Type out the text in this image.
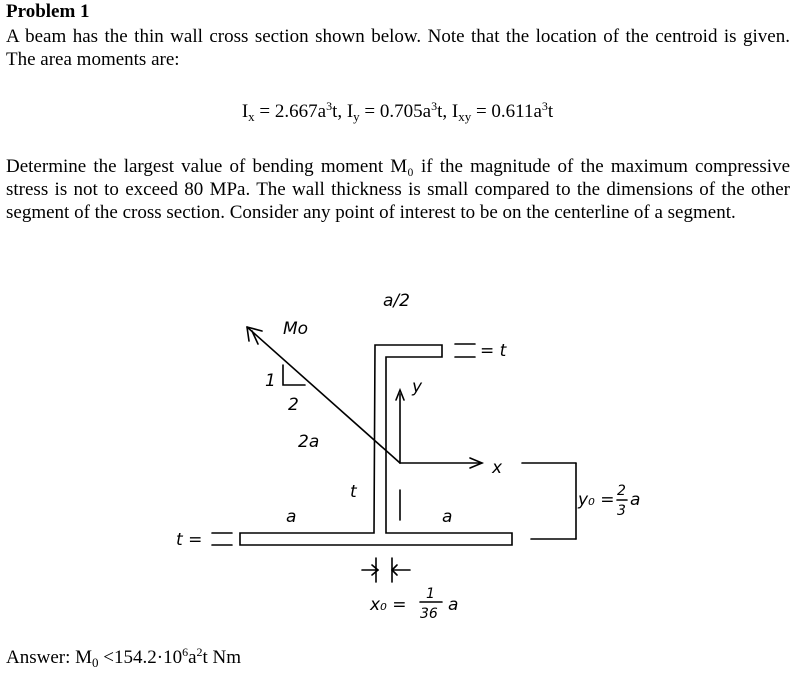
Problem 1

A beam has the thin wall cross section shown below. Note that the location of the centroid is given. The area moments are:

$I_x = 2.667a^3t$, $I_y = 0.705a^3t$, $I_{xy} = 0.611a^3t$

Determine the largest value of bending moment M₀ if the magnitude of the maximum compressive stress is not to exceed 80 MPa. The wall thickness is small compared to the dimensions of the other segment of the cross section. Consider any point of interest to be on the centerline of a segment.

a/2
Mo
1
2
2a
= t
y
x
t
a	a
t =
y₀ = 2
3
a
x₀ =
1
36 a
Answer: $M_0 <154.2\cdot 10^6a^2t$ Nm
